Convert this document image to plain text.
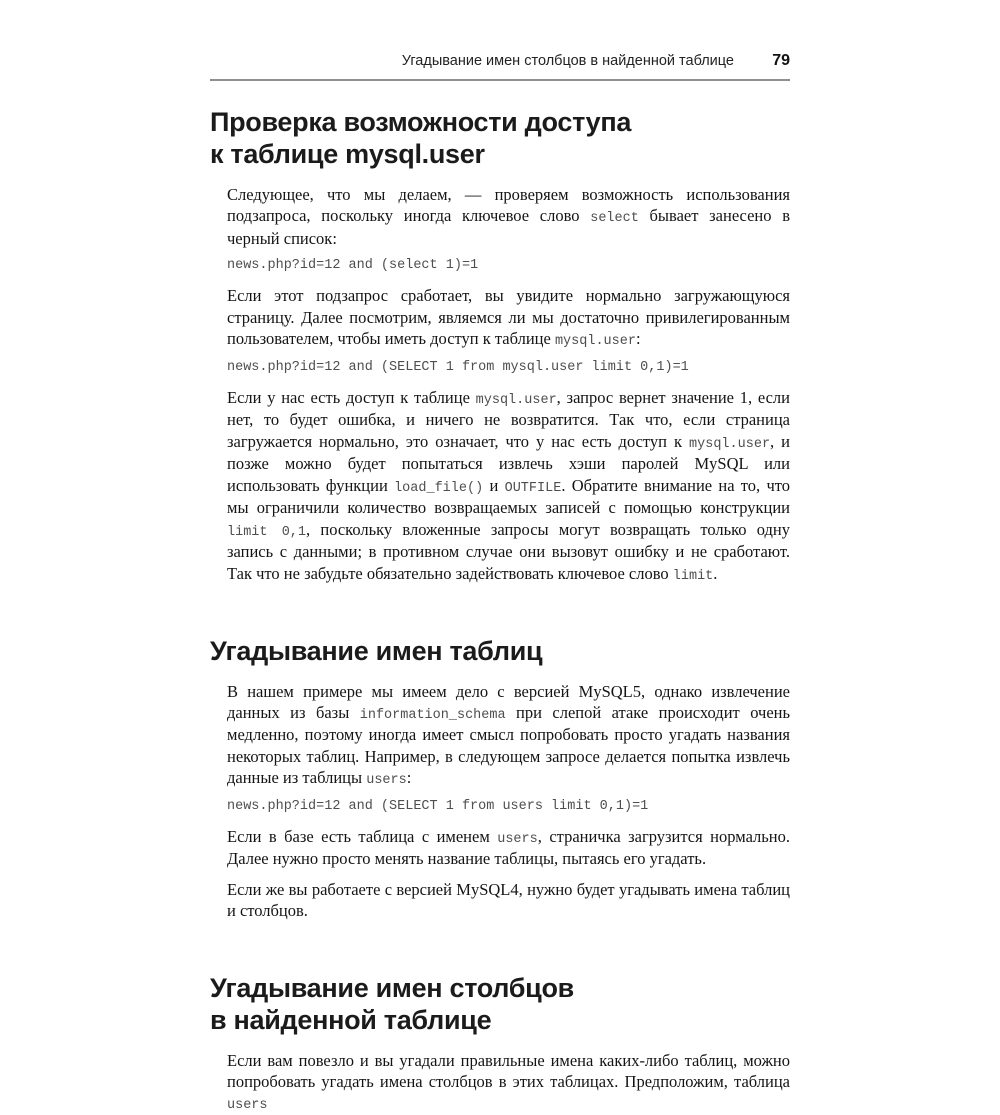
Угадывание имен столбцов в найденной таблице	79
Проверка возможности доступа
к таблице mysql.user

Следующее, что мы делаем, — проверяем возможность использования подзапроса, поскольку иногда ключевое слово select бывает занесено в черный список:

news.php?id=12 and (select 1)=1

Если этот подзапрос сработает, вы увидите нормально загружающуюся страницу. Далее посмотрим, являемся ли мы достаточно привилегированным пользователем, чтобы иметь доступ к таблице mysql.user:

news.php?id=12 and (SELECT 1 from mysql.user limit 0,1)=1

Если у нас есть доступ к таблице mysql.user, запрос вернет значение 1, если нет, то будет ошибка, и ничего не возвратится. Так что, если страница загружается нормально, это означает, что у нас есть доступ к mysql.user, и позже можно будет попытаться извлечь хэши паролей MySQL или использовать функции load_file() и OUTFILE. Обратите внимание на то, что мы ограничили количество возвращаемых записей с помощью конструкции limit 0,1, поскольку вложенные запросы могут возвращать только одну запись с данными; в противном случае они вызовут ошибку и не сработают. Так что не забудьте обязательно задействовать ключевое слово limit.

Угадывание имен таблиц

В нашем примере мы имеем дело с версией MySQL5, однако извлечение данных из базы information_schema при слепой атаке происходит очень медленно, поэтому иногда имеет смысл попробовать просто угадать названия некоторых таблиц. Например, в следующем запросе делается попытка извлечь данные из таблицы users:

news.php?id=12 and (SELECT 1 from users limit 0,1)=1

Если в базе есть таблица с именем users, страничка загрузится нормально. Далее нужно просто менять название таблицы, пытаясь его угадать.

Если же вы работаете с версией MySQL4, нужно будет угадывать имена таблиц и столбцов.

Угадывание имен столбцов
в найденной таблице

Если вам повезло и вы угадали правильные имена каких-либо таблиц, можно попробовать угадать имена столбцов в этих таблицах. Предположим, таблица users
